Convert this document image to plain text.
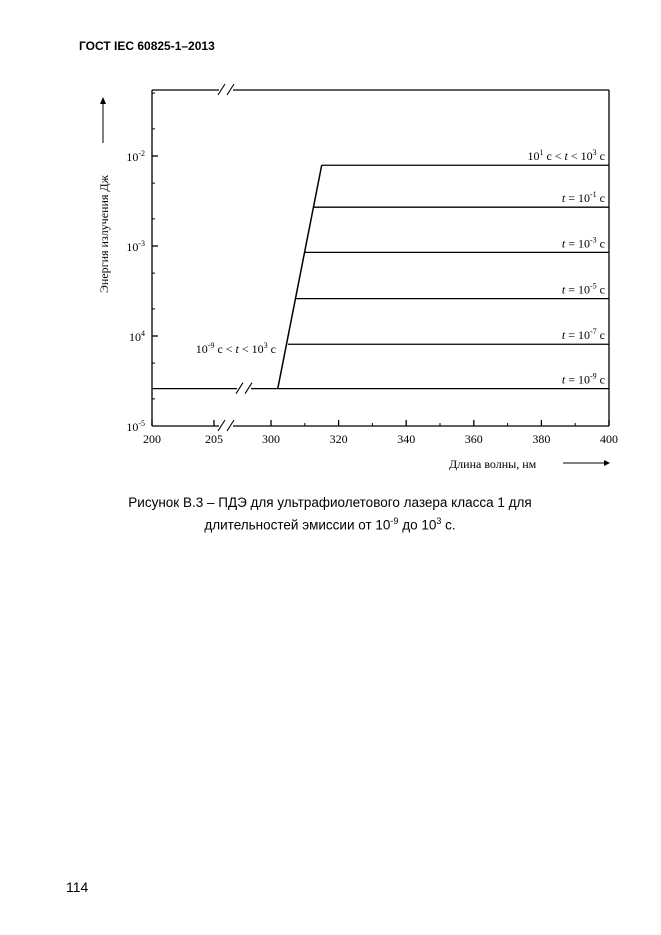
ГОСТ IEC 60825-1–2013
200	205	300	320	340	360	380	400
$10^{-2}$
$10^{-3}$
$10^4$
$10^{-5}$
$t = 10^{-9}$ c
$t = 10^{-7}$ c
$t = 10^{-5}$ c
$t = 10^{-3}$ c
$t = 10^{-1}$ c
$10^1$ $c < t < 10^3$ c
$10^{-9}$ $c < t < 10^3$ c
Длина волны, нм
Энергия излучения Дж
Рисунок В.3 – ПДЭ для ультрафиолетового лазера класса 1 для
длительностей эмиссии от $10^{-9}$ до $10^3$ с.
114
